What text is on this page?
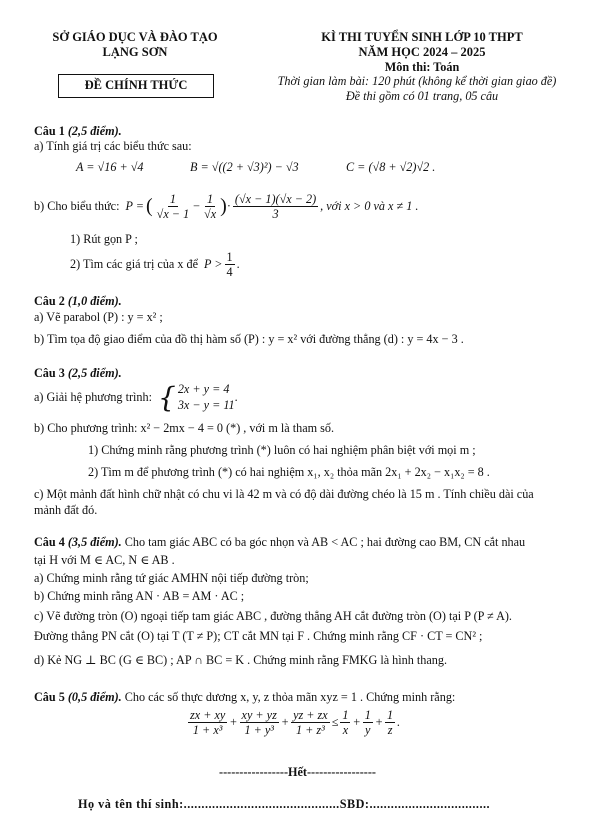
SỞ GIÁO DỤC VÀ ĐÀO TẠO
LẠNG SƠN
ĐỀ CHÍNH THỨC
KÌ THI TUYỂN SINH LỚP 10 THPT
NĂM HỌC 2024 – 2025
Môn thi: Toán
Thời gian làm bài: 120 phút (không kể thời gian giao đề)
Đề thi gồm có 01 trang, 05 câu
Câu 1 (2,5 điểm).
a) Tính giá trị các biểu thức sau:
A = √16 + √4	B = √((2 + √3)²) − √3	C = (√8 + √2)√2 .
b) Cho biểu thức: P = ( $\frac{1}{√x - 1} - \frac{1}{√x}$ ) · $\frac{(√x - 1)(√x - 2)}{3}$ , với x > 0 và x ≠ 1 .
1) Rút gọn P ;
2) Tìm các giá trị của x để $P > \frac{1}{4}$ .
Câu 2 (1,0 điểm).
a) Vẽ parabol (P) : y = x² ;
b) Tìm tọa độ giao điểm của đồ thị hàm số (P) : y = x² với đường thẳng (d) : y = 4x − 3 .
Câu 3 (2,5 điểm).
a) Giải hệ phương trình: { 2x + y = 4
3x − y = 11
.
b) Cho phương trình: x² − 2mx − 4 = 0 (*) , với m là tham số.
1) Chứng minh rằng phương trình (*) luôn có hai nghiệm phân biệt với mọi m ;
2) Tìm m để phương trình (*) có hai nghiệm x₁, x₂ thỏa mãn 2x₁ + 2x₂ − x₁x₂ = 8 .
c) Một mảnh đất hình chữ nhật có chu vi là 42 m và có độ dài đường chéo là 15 m . Tính chiều dài của
mảnh đất đó.
Câu 4 (3,5 điểm). Cho tam giác ABC có ba góc nhọn và AB < AC ; hai đường cao BM, CN cắt nhau
tại H với M ∈ AC, N ∈ AB .
a) Chứng minh rằng tứ giác AMHN nội tiếp đường tròn;
b) Chứng minh rằng AN · AB = AM · AC ;
c) Vẽ đường tròn (O) ngoại tiếp tam giác ABC , đường thẳng AH cắt đường tròn (O) tại P (P ≠ A).
Đường thẳng PN cắt (O) tại T (T ≠ P); CT cắt MN tại F . Chứng minh rằng CF · CT = CN² ;
d) Kẻ NG ⊥ BC (G ∈ BC) ; AP ∩ BC = K . Chứng minh rằng FMKG là hình thang.
Câu 5 (0,5 điểm). Cho các số thực dương x, y, z thỏa mãn xyz = 1 . Chứng minh rằng:
$\frac{zx + xy}{\text{1 + x³}} + \frac{xy + yz}{\text{1 + y³}} + \frac{yz + zx}{\text{1 + z³}} \le \frac{1}{x} + \frac{1}{y} + \frac{1}{z}$ .
-----------------Hết-----------------
Họ và tên thí sinh:............................................SBD:..................................
